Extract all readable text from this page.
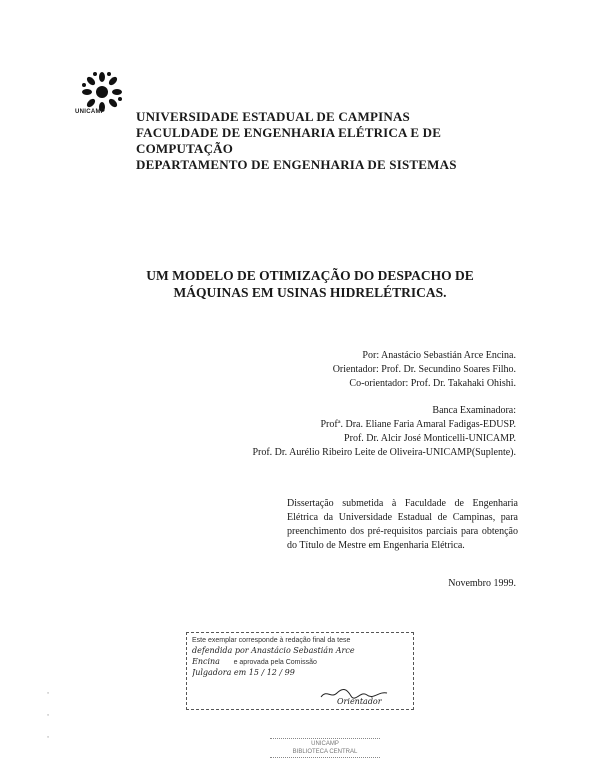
UNICAMP UNIVERSIDADE ESTADUAL DE CAMPINAS
FACULDADE DE ENGENHARIA ELÉTRICA E DE
COMPUTAÇÃO
DEPARTAMENTO DE ENGENHARIA DE SISTEMAS
UM MODELO DE OTIMIZAÇÃO DO DESPACHO DE
MÁQUINAS EM USINAS HIDRELÉTRICAS.
Por: Anastácio Sebastián Arce Encina.
Orientador: Prof. Dr. Secundino Soares Filho.
Co-orientador: Prof. Dr. Takahaki Ohishi.
Banca Examinadora:
Profª. Dra. Eliane Faria Amaral Fadigas-EDUSP.
Prof. Dr. Alcir José Monticelli-UNICAMP.
Prof. Dr. Aurélio Ribeiro Leite de Oliveira-UNICAMP(Suplente).
Dissertação submetida à Faculdade de Engenharia Elétrica da Universidade Estadual de Campinas, para preenchimento dos pré-requisitos parciais para obtenção do Título de Mestre em Engenharia Elétrica.
Novembro 1999.
Este exemplar corresponde à redação final da tese
defendida por Anastácio Sebastián Arce
Encina e aprovada pela Comissão
Julgadora em 15 / 12 / 99
Orientador
◦
◦
◦
UNICAMP
BIBLIOTECA CENTRAL
